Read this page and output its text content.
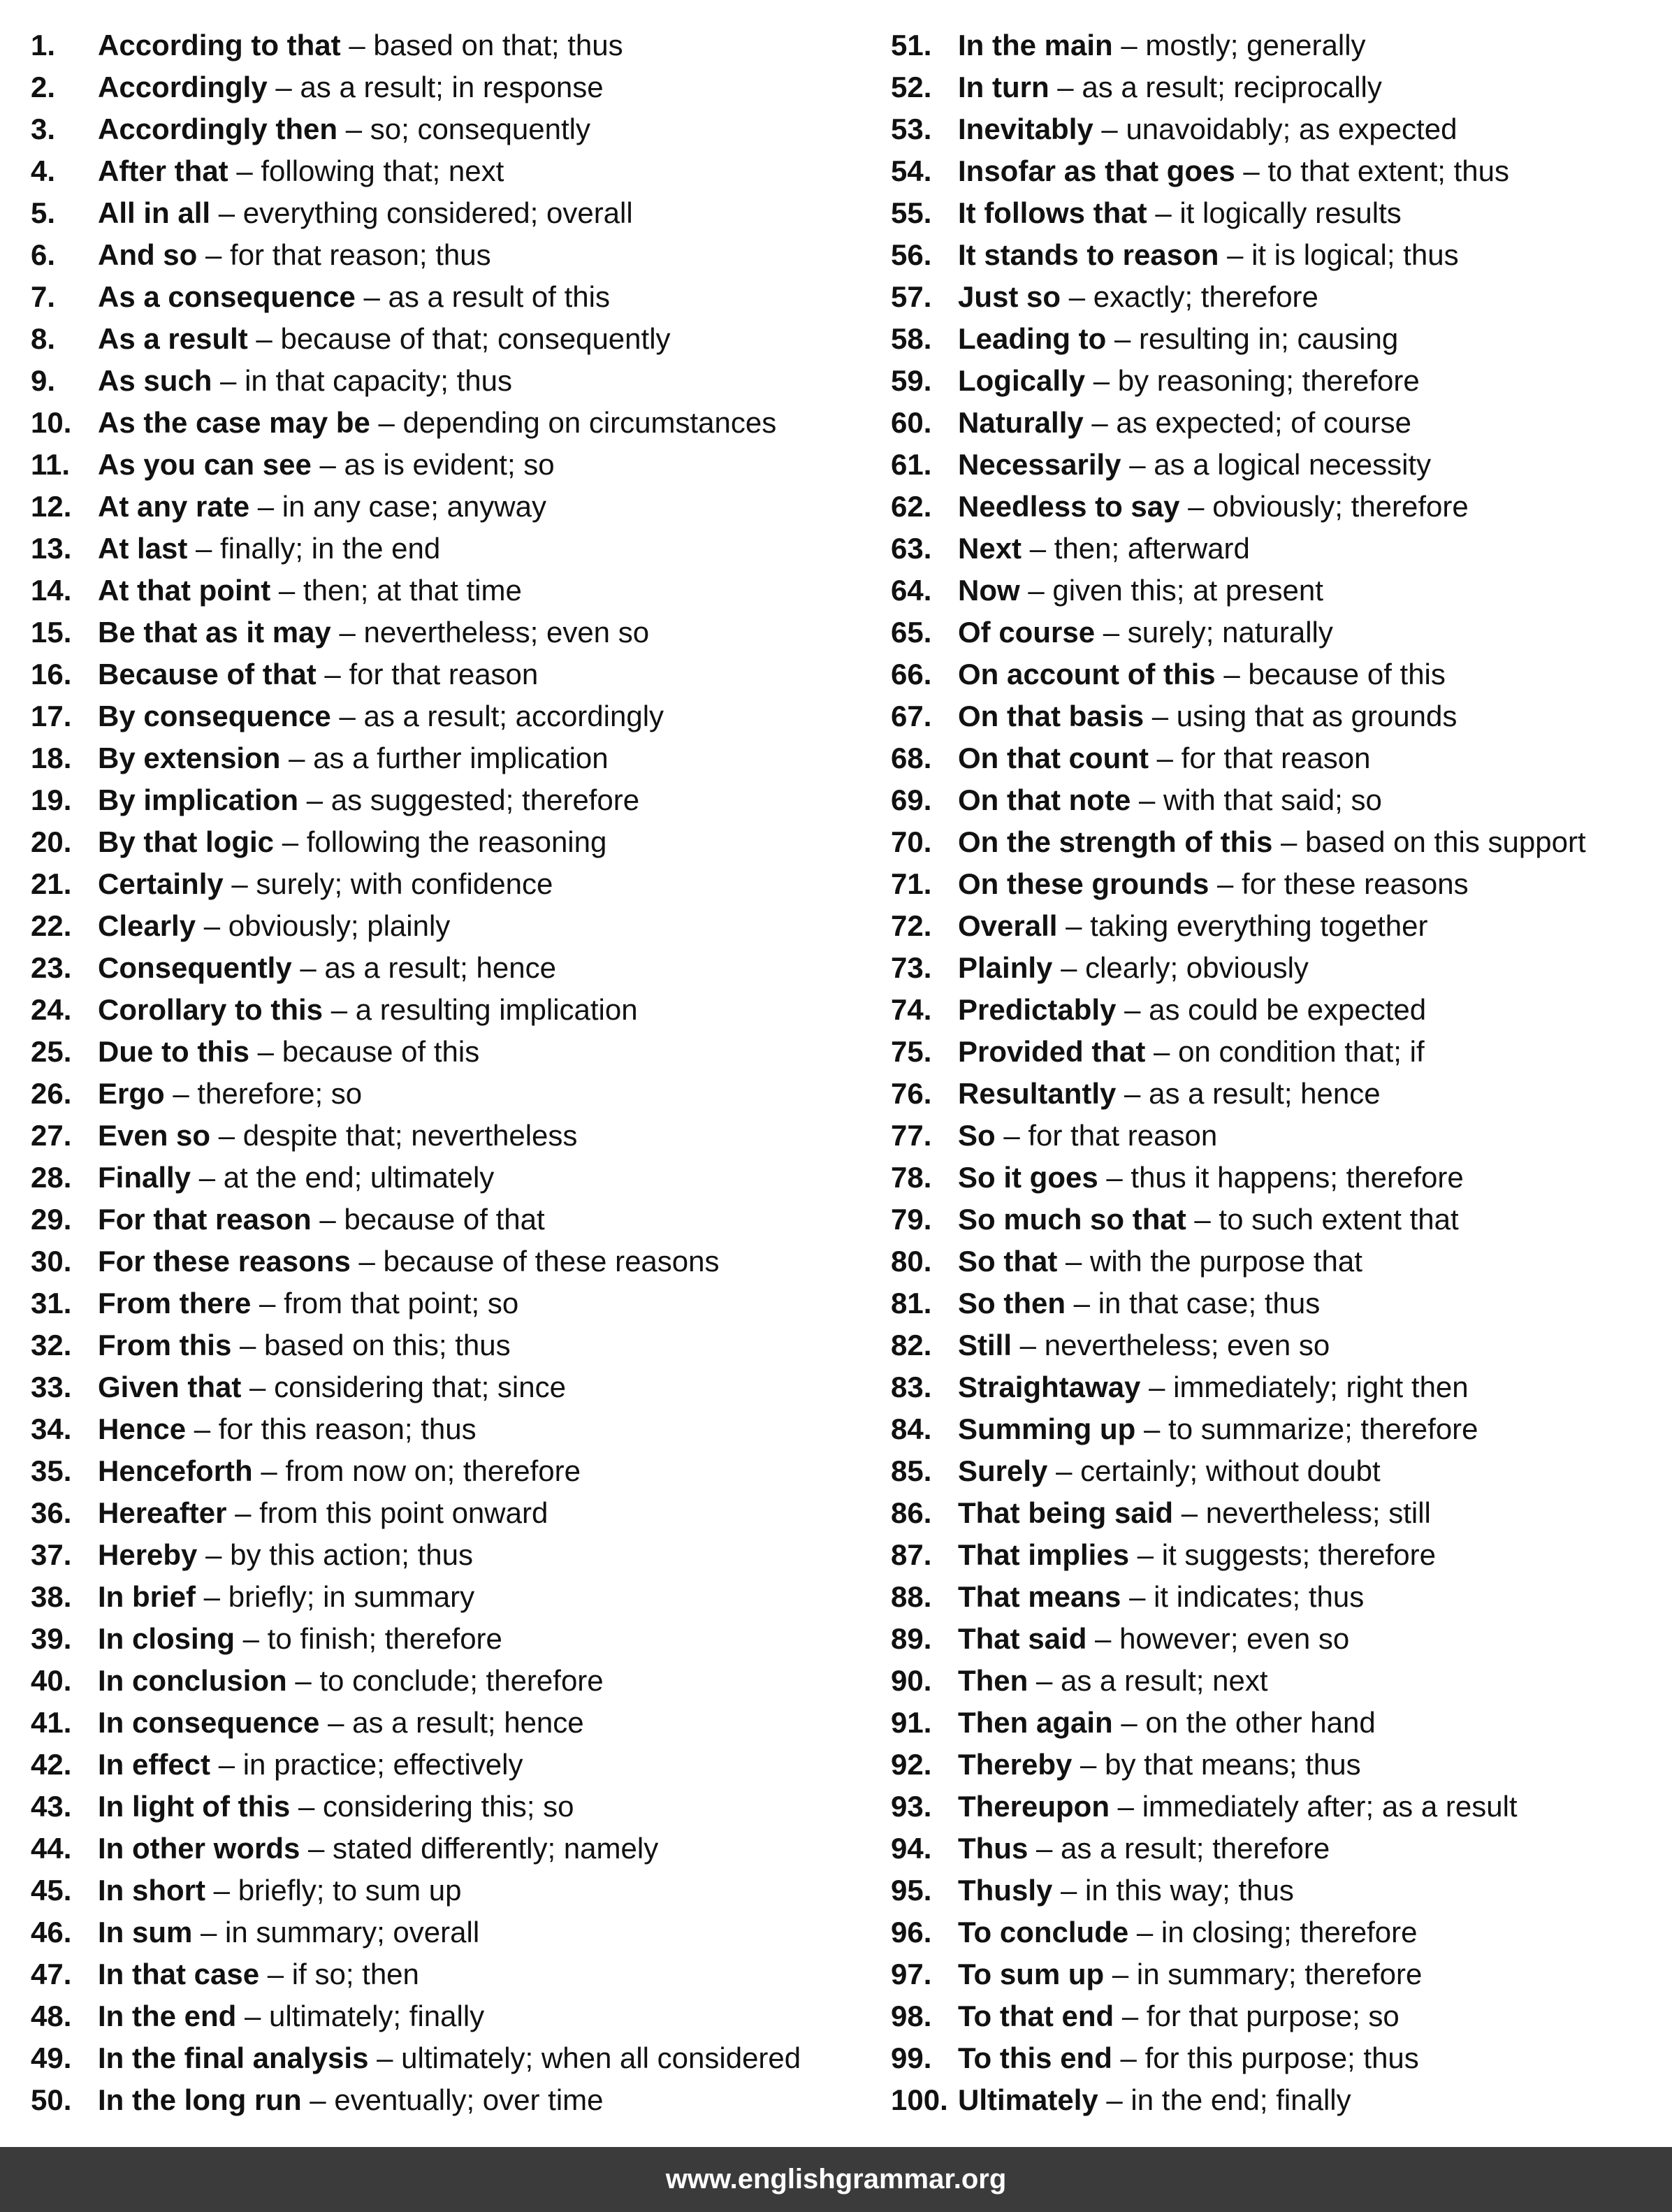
1.	According to that – based on that; thus
2.	Accordingly – as a result; in response
3.	Accordingly then – so; consequently
4.	After that – following that; next
5.	All in all – everything considered; overall
6.	And so – for that reason; thus
7.	As a consequence – as a result of this
8.	As a result – because of that; consequently
9.	As such – in that capacity; thus
10. As the case may be – depending on circumstances
11. As you can see – as is evident; so
12. At any rate – in any case; anyway
13. At last – finally; in the end
14. At that point – then; at that time
15. Be that as it may – nevertheless; even so
16. Because of that – for that reason
17. By consequence – as a result; accordingly
18. By extension – as a further implication
19. By implication – as suggested; therefore
20. By that logic – following the reasoning
21. Certainly – surely; with confidence
22. Clearly – obviously; plainly
23. Consequently – as a result; hence
24. Corollary to this – a resulting implication
25. Due to this – because of this
26. Ergo – therefore; so
27. Even so – despite that; nevertheless
28. Finally – at the end; ultimately
29. For that reason – because of that
30. For these reasons – because of these reasons
31. From there – from that point; so
32. From this – based on this; thus
33. Given that – considering that; since
34. Hence – for this reason; thus
35. Henceforth – from now on; therefore
36. Hereafter – from this point onward
37. Hereby – by this action; thus
38. In brief – briefly; in summary
39. In closing – to finish; therefore
40. In conclusion – to conclude; therefore
41. In consequence – as a result; hence
42. In effect – in practice; effectively
43. In light of this – considering this; so
44. In other words – stated differently; namely
45. In short – briefly; to sum up
46. In sum – in summary; overall
47. In that case – if so; then
48. In the end – ultimately; finally
49. In the final analysis – ultimately; when all considered
50. In the long run – eventually; over time
51. In the main – mostly; generally
52. In turn – as a result; reciprocally
53. Inevitably – unavoidably; as expected
54. Insofar as that goes – to that extent; thus
55. It follows that – it logically results
56. It stands to reason – it is logical; thus
57. Just so – exactly; therefore
58. Leading to – resulting in; causing
59. Logically – by reasoning; therefore
60. Naturally – as expected; of course
61. Necessarily – as a logical necessity
62. Needless to say – obviously; therefore
63. Next – then; afterward
64. Now – given this; at present
65. Of course – surely; naturally
66. On account of this – because of this
67. On that basis – using that as grounds
68. On that count – for that reason
69. On that note – with that said; so
70. On the strength of this – based on this support
71. On these grounds – for these reasons
72. Overall – taking everything together
73. Plainly – clearly; obviously
74. Predictably – as could be expected
75. Provided that – on condition that; if
76. Resultantly – as a result; hence
77. So – for that reason
78. So it goes – thus it happens; therefore
79. So much so that – to such extent that
80. So that – with the purpose that
81. So then – in that case; thus
82. Still – nevertheless; even so
83. Straightaway – immediately; right then
84. Summing up – to summarize; therefore
85. Surely – certainly; without doubt
86. That being said – nevertheless; still
87. That implies – it suggests; therefore
88. That means – it indicates; thus
89. That said – however; even so
90. Then – as a result; next
91. Then again – on the other hand
92. Thereby – by that means; thus
93. Thereupon – immediately after; as a result
94. Thus – as a result; therefore
95. Thusly – in this way; thus
96. To conclude – in closing; therefore
97. To sum up – in summary; therefore
98. To that end – for that purpose; so
99. To this end – for this purpose; thus
100. Ultimately – in the end; finally
www.englishgrammar.org
